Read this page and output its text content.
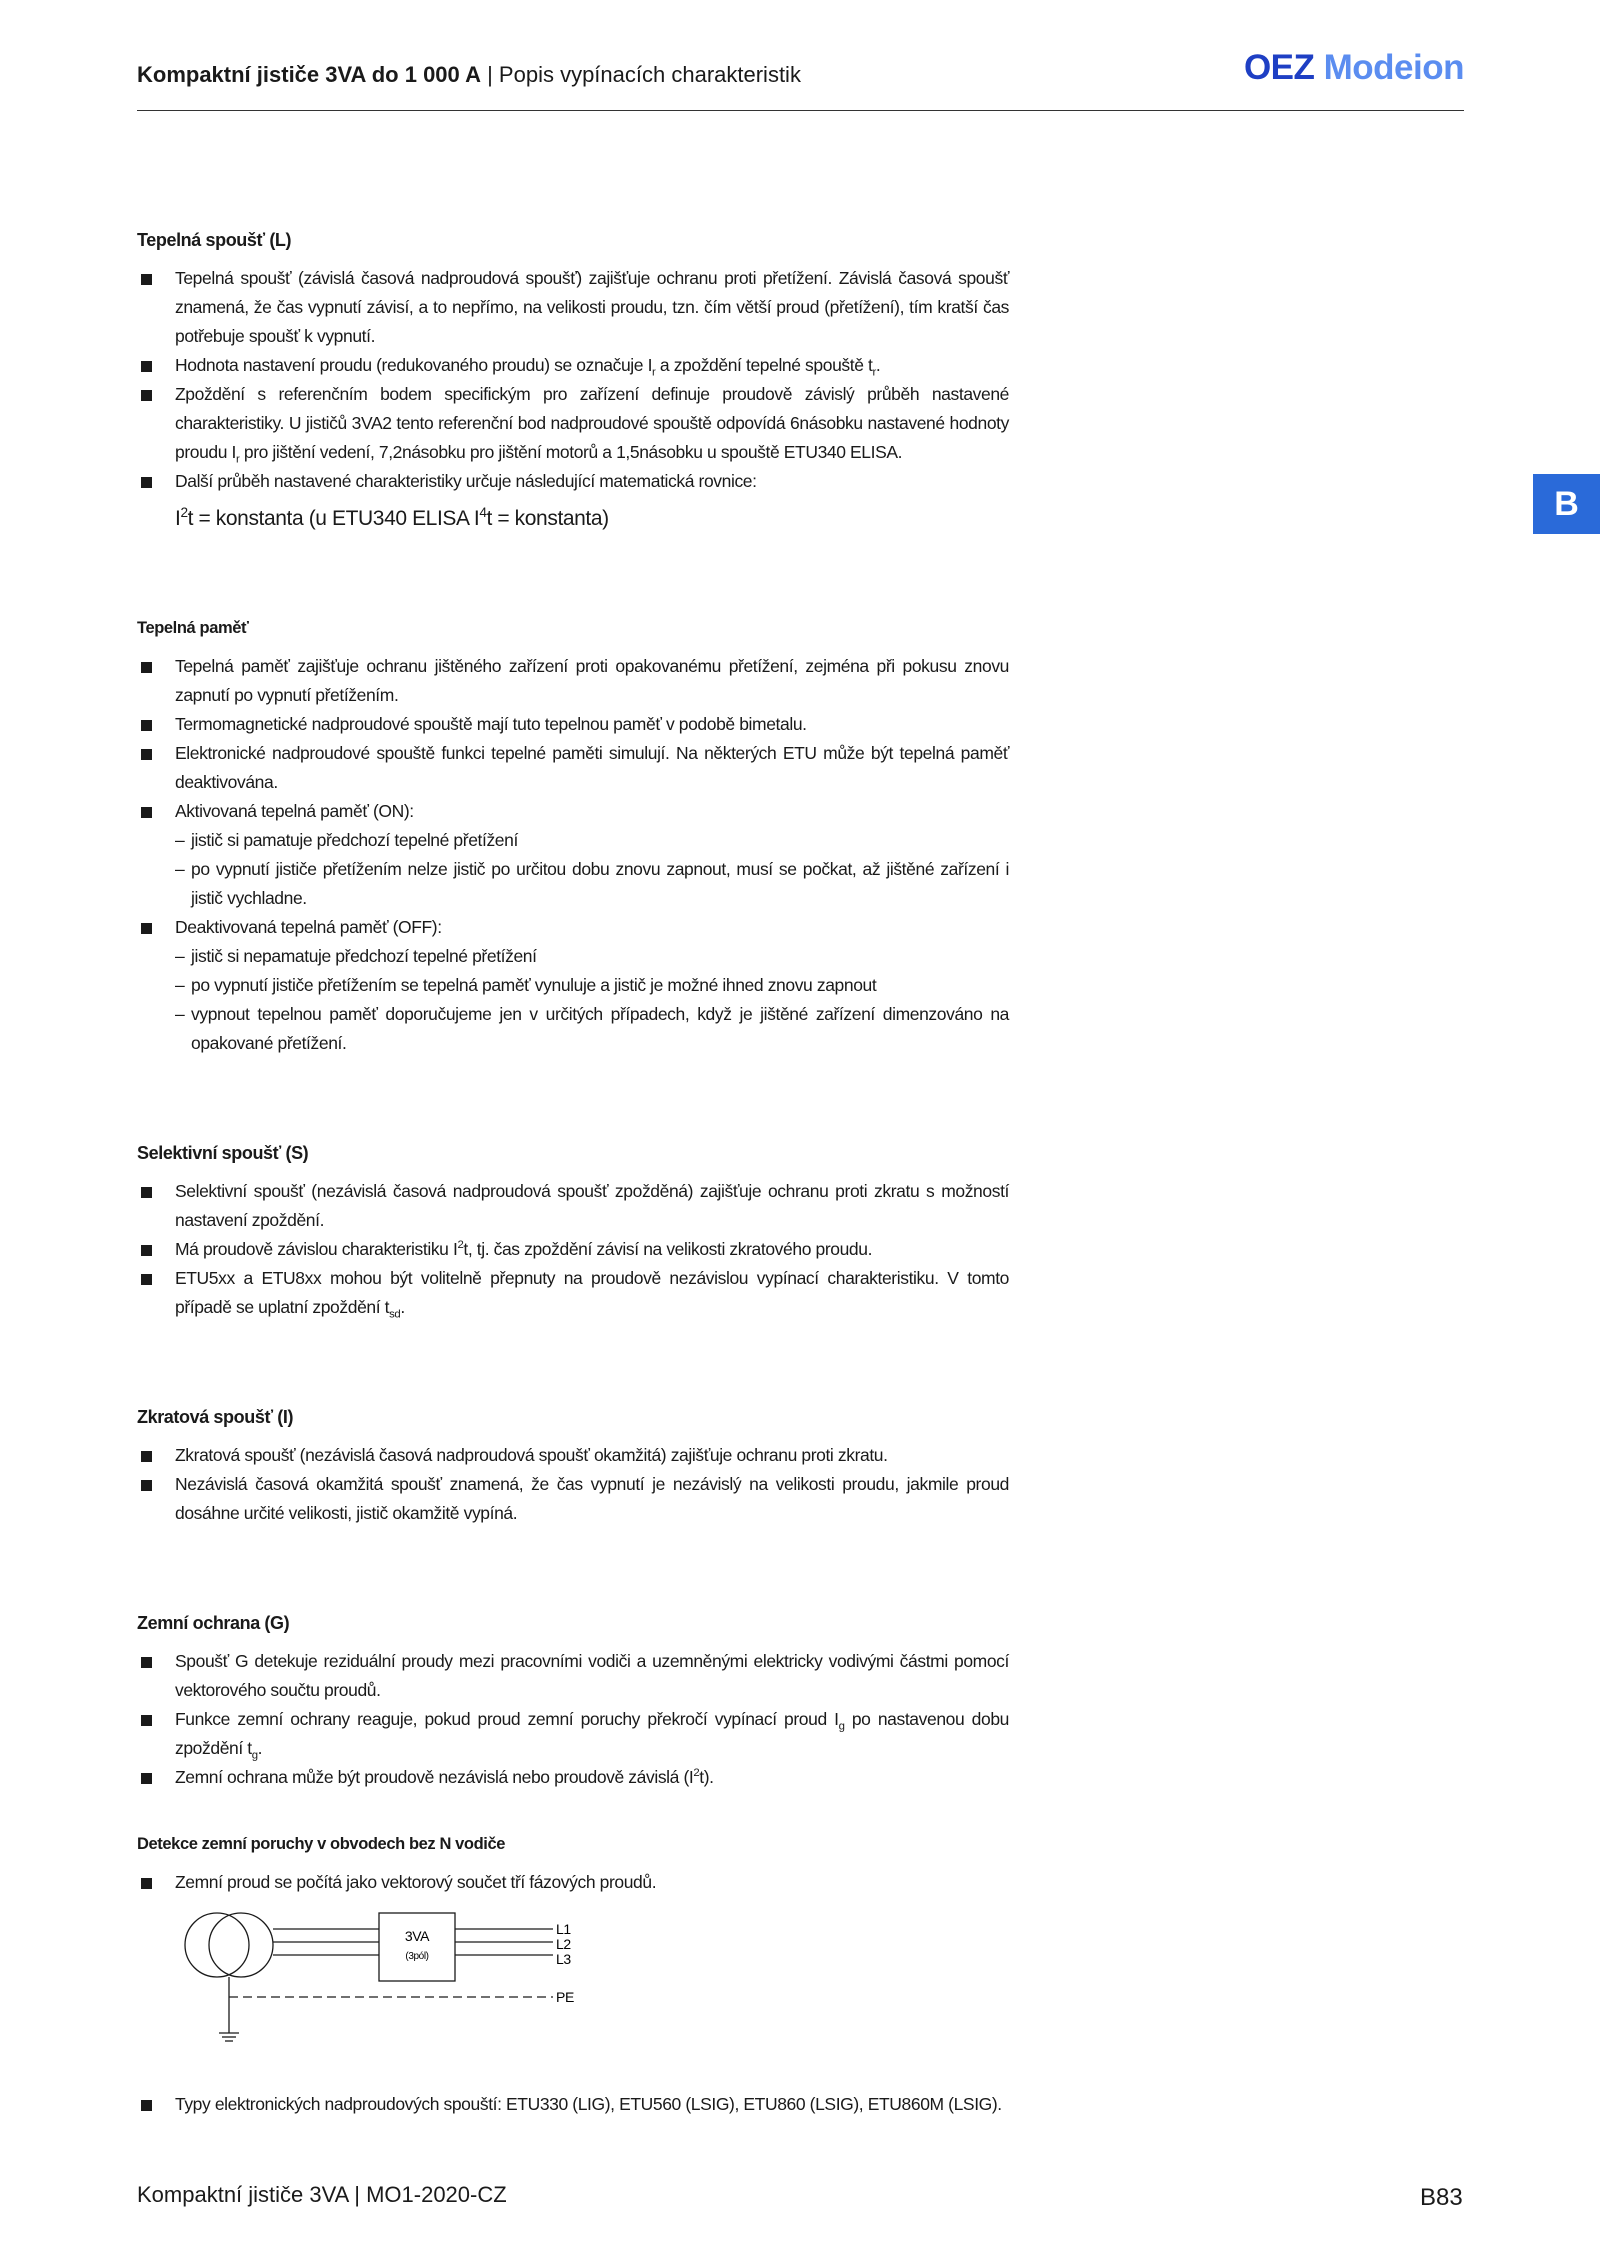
Kompaktní jističe 3VA do 1 000 A | Popis vypínacích charakteristik	OEZ Modeion
B
Tepelná spoušť (L)
Tepelná spoušť (závislá časová nadproudová spoušť) zajišťuje ochranu proti přetížení. Závislá časová spoušť znamená, že čas vypnutí závisí, a to nepřímo, na velikosti proudu, tzn. čím větší proud (přetížení), tím kratší čas potřebuje spoušť k vypnutí.
Hodnota nastavení proudu (redukovaného proudu) se označuje $I_r$ a zpoždění tepelné spouště $t_r$.
Zpoždění s referenčním bodem specifickým pro zařízení definuje proudově závislý průběh nastavené charakteristiky. U jističů 3VA2 tento referenční bod nadproudové spouště odpovídá 6násobku nastavené hodnoty proudu $I_r$ pro jištění vedení, 7,2násobku pro jištění motorů a 1,5násobku u spouště ETU340 ELISA.
Další průběh nastavené charakteristiky určuje následující matematická rovnice:
$I^2t$ = konstanta (u ETU340 ELISA $I^4t$ = konstanta)
Tepelná paměť
Tepelná paměť zajišťuje ochranu jištěného zařízení proti opakovanému přetížení, zejména při pokusu znovu zapnutí po vypnutí přetížením.
Termomagnetické nadproudové spouště mají tuto tepelnou paměť v podobě bimetalu.
Elektronické nadproudové spouště funkci tepelné paměti simulují. Na některých ETU může být tepelná paměť deaktivována.
Aktivovaná tepelná paměť (ON):
– jistič si pamatuje předchozí tepelné přetížení
– po vypnutí jističe přetížením nelze jistič po určitou dobu znovu zapnout, musí se počkat, až jištěné zařízení i jistič vychladne.
Deaktivovaná tepelná paměť (OFF):
– jistič si nepamatuje předchozí tepelné přetížení
– po vypnutí jističe přetížením se tepelná paměť vynuluje a jistič je možné ihned znovu zapnout
– vypnout tepelnou paměť doporučujeme jen v určitých případech, když je jištěné zařízení dimenzováno na opakované přetížení.
Selektivní spoušť (S)
Selektivní spoušť (nezávislá časová nadproudová spoušť zpožděná) zajišťuje ochranu proti zkratu s možností nastavení zpoždění.
Má proudově závislou charakteristiku $I^2t$, tj. čas zpoždění závisí na velikosti zkratového proudu.
ETU5xx a ETU8xx mohou být volitelně přepnuty na proudově nezávislou vypínací charakteristiku. V tomto případě se uplatní zpoždění $t_{sd}$.
Zkratová spoušť (I)
Zkratová spoušť (nezávislá časová nadproudová spoušť okamžitá) zajišťuje ochranu proti zkratu.
Nezávislá časová okamžitá spoušť znamená, že čas vypnutí je nezávislý na velikosti proudu, jakmile proud dosáhne určité velikosti, jistič okamžitě vypíná.
Zemní ochrana (G)
Spoušť G detekuje reziduální proudy mezi pracovními vodiči a uzemněnými elektricky vodivými částmi pomocí vektorového součtu proudů.
Funkce zemní ochrany reaguje, pokud proud zemní poruchy překročí vypínací proud $I_g$ po nastavenou dobu zpoždění $t_g$.
Zemní ochrana může být proudově nezávislá nebo proudově závislá $(I^2t)$.
Detekce zemní poruchy v obvodech bez N vodiče
Zemní proud se počítá jako vektorový součet tří fázových proudů.
3VA
(3pól)
L1
L2
L3
PE
Typy elektronických nadproudových spouští: ETU330 (LIG), ETU560 (LSIG), ETU860 (LSIG), ETU860M (LSIG).
Kompaktní jističe 3VA | MO1-2020-CZ	B83
